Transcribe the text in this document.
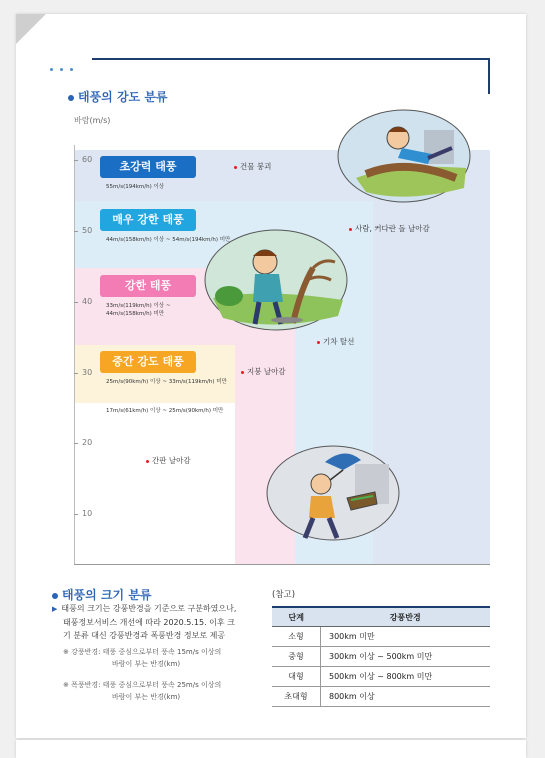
태풍의 강도 분류
바람(m/s)
60
50
40
30
20
10
초강력 태풍
55m/s(194km/h) 이상
매우 강한 태풍
44m/s(158km/h) 이상 ~ 54m/s(194km/h) 미만
강한 태풍
33m/s(119km/h) 이상 ~
44m/s(158km/h) 미만
중간 강도 태풍
25m/s(90km/h) 이상 ~ 33m/s(119km/h) 미만
17m/s(61km/h) 이상 ~ 25m/s(90km/h) 미만
건물 붕괴
사람, 커다란 돌 날아감
기차 탈선
지붕 날아감
간판 날아감
태풍의 크기 분류
▶ 태풍의 크기는 강풍반경을 기준으로 구분하였으나,
태풍정보서비스 개선에 따라 2020.5.15. 이후 크
기 분류 대신 강풍반경과 폭풍반경 정보로 제공
※ 강풍반경: 태풍 중심으로부터 풍속 15m/s 이상의
바람이 부는 반경(km)
※ 폭풍반경: 태풍 중심으로부터 풍속 25m/s 이상의
바람이 부는 반경(km)
(참고)
단계	강풍반경
소형	300km 미만
중형	300km 이상 ~ 500km 미만
대형	500km 이상 ~ 800km 미만
초대형	800km 이상
